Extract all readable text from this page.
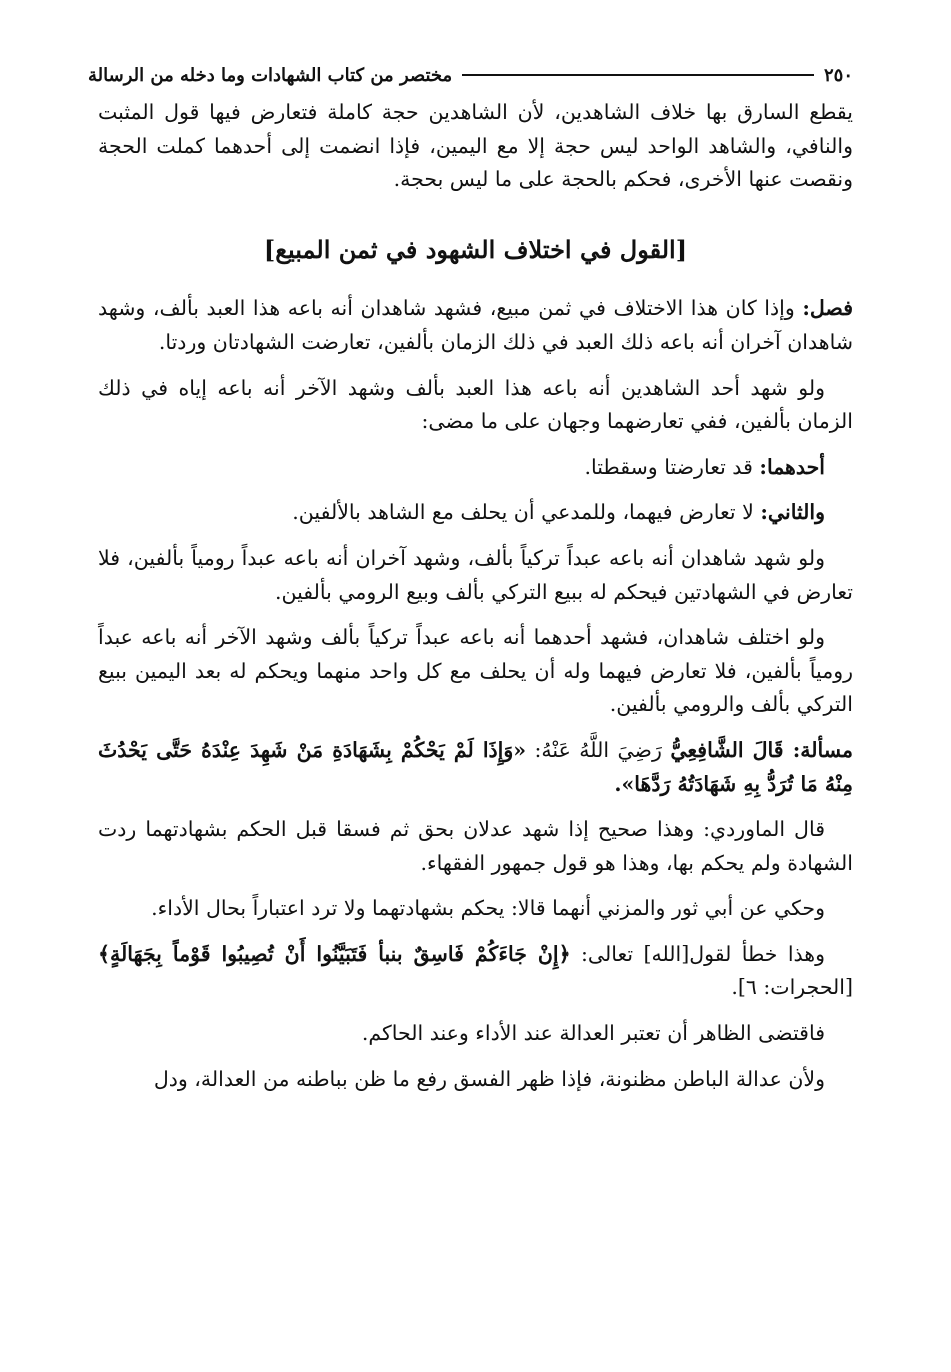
٢٥٠
مختصر من كتاب الشهادات وما دخله من الرسالة

يقطع السارق بها خلاف الشاهدين، لأن الشاهدين حجة كاملة فتعارض فيها قول المثبت والنافي، والشاهد الواحد ليس حجة إلا مع اليمين، فإذا انضمت إلى أحدهما كملت الحجة ونقصت عنها الأخرى، فحكم بالحجة على ما ليس بحجة.

[القول في اختلاف الشهود في ثمن المبيع]

فصل: وإذا كان هذا الاختلاف في ثمن مبيع، فشهد شاهدان أنه باعه هذا العبد بألف، وشهد شاهدان آخران أنه باعه ذلك العبد في ذلك الزمان بألفين، تعارضت الشهادتان وردتا.

ولو شهد أحد الشاهدين أنه باعه هذا العبد بألف وشهد الآخر أنه باعه إياه في ذلك الزمان بألفين، ففي تعارضهما وجهان على ما مضى:

أحدهما: قد تعارضتا وسقطتا.

والثاني: لا تعارض فيهما، وللمدعي أن يحلف مع الشاهد بالألفين.

ولو شهد شاهدان أنه باعه عبداً تركياً بألف، وشهد آخران أنه باعه عبداً رومياً بألفين، فلا تعارض في الشهادتين فيحكم له ببيع التركي بألف وبيع الرومي بألفين.

ولو اختلف شاهدان، فشهد أحدهما أنه باعه عبداً تركياً بألف وشهد الآخر أنه باعه عبداً رومياً بألفين، فلا تعارض فيهما وله أن يحلف مع كل واحد منهما ويحكم له بعد اليمين ببيع التركي بألف والرومي بألفين.

مسألة: قَالَ الشَّافِعِيُّ رَضِيَ اللَّهُ عَنْهُ: «وَإِذَا لَمْ يَحْكُمْ بِشَهَادَةِ مَنْ شَهِدَ عِنْدَهُ حَتَّى يَحْدُثَ مِنْهُ مَا تُرَدُّ بِهِ شَهَادَتُهُ رَدَّهَا».

قال الماوردي: وهذا صحيح إذا شهد عدلان بحق ثم فسقا قبل الحكم بشهادتهما ردت الشهادة ولم يحكم بها، وهذا هو قول جمهور الفقهاء.

وحكي عن أبي ثور والمزني أنهما قالا: يحكم بشهادتهما ولا ترد اعتباراً بحال الأداء.

وهذا خطأ لقول[الله] تعالى: ﴿إِنْ جَاءَكُمْ فَاسِقٌ بنبأ فَتَبَيَّنُوا أَنْ تُصِيبُوا قَوْماً بِجَهَالَةٍ﴾ [الحجرات: ٦].

فاقتضى الظاهر أن تعتبر العدالة عند الأداء وعند الحاكم.

ولأن عدالة الباطن مظنونة، فإذا ظهر الفسق رفع ما ظن بباطنه من العدالة، ودل
